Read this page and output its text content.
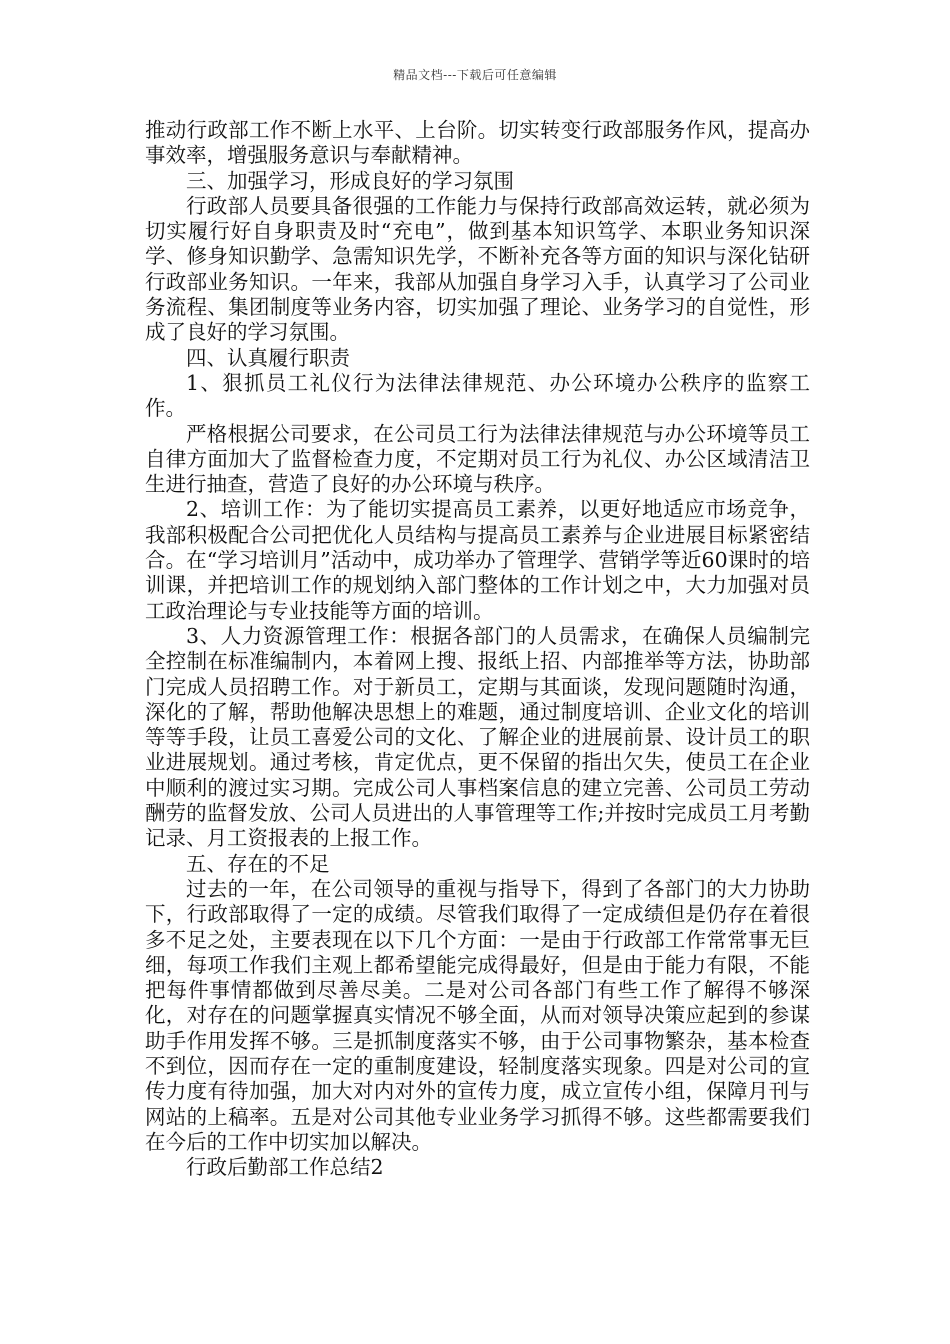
精品文档---下载后可任意编辑

推动行政部工作不断上水平、上台阶。切实转变行政部服务作风，提高办事效率，增强服务意识与奉献精神。

三、加强学习，形成良好的学习氛围

行政部人员要具备很强的工作能力与保持行政部高效运转，就必须为切实履行好自身职责及时“充电”，做到基本知识笃学、本职业务知识深学、修身知识勤学、急需知识先学，不断补充各等方面的知识与深化钻研行政部业务知识。一年来，我部从加强自身学习入手，认真学习了公司业务流程、集团制度等业务内容，切实加强了理论、业务学习的自觉性，形成了良好的学习氛围。

四、认真履行职责

1、狠抓员工礼仪行为法律法律规范、办公环境办公秩序的监察工作。

严格根据公司要求，在公司员工行为法律法律规范与办公环境等员工自律方面加大了监督检查力度，不定期对员工行为礼仪、办公区域清洁卫生进行抽查，营造了良好的办公环境与秩序。

2、培训工作：为了能切实提高员工素养，以更好地适应市场竞争，我部积极配合公司把优化人员结构与提高员工素养与企业进展目标紧密结合。在“学习培训月”活动中，成功举办了管理学、营销学等近60课时的培训课，并把培训工作的规划纳入部门整体的工作计划之中，大力加强对员工政治理论与专业技能等方面的培训。

3、人力资源管理工作：根据各部门的人员需求，在确保人员编制完全控制在标准编制内，本着网上搜、报纸上招、内部推举等方法，协助部门完成人员招聘工作。对于新员工，定期与其面谈，发现问题随时沟通，深化的了解，帮助他解决思想上的难题，通过制度培训、企业文化的培训等等手段，让员工喜爱公司的文化、了解企业的进展前景、设计员工的职业进展规划。通过考核，肯定优点，更不保留的指出欠失，使员工在企业中顺利的渡过实习期。完成公司人事档案信息的建立完善、公司员工劳动酬劳的监督发放、公司人员进出的人事管理等工作;并按时完成员工月考勤记录、月工资报表的上报工作。

五、存在的不足

过去的一年，在公司领导的重视与指导下，得到了各部门的大力协助下，行政部取得了一定的成绩。尽管我们取得了一定成绩但是仍存在着很多不足之处，主要表现在以下几个方面：一是由于行政部工作常常事无巨细，每项工作我们主观上都希望能完成得最好，但是由于能力有限，不能把每件事情都做到尽善尽美。二是对公司各部门有些工作了解得不够深化，对存在的问题掌握真实情况不够全面，从而对领导决策应起到的参谋助手作用发挥不够。三是抓制度落实不够，由于公司事物繁杂，基本检查不到位，因而存在一定的重制度建设，轻制度落实现象。四是对公司的宣传力度有待加强，加大对内对外的宣传力度，成立宣传小组，保障月刊与网站的上稿率。五是对公司其他专业业务学习抓得不够。这些都需要我们在今后的工作中切实加以解决。

行政后勤部工作总结2
